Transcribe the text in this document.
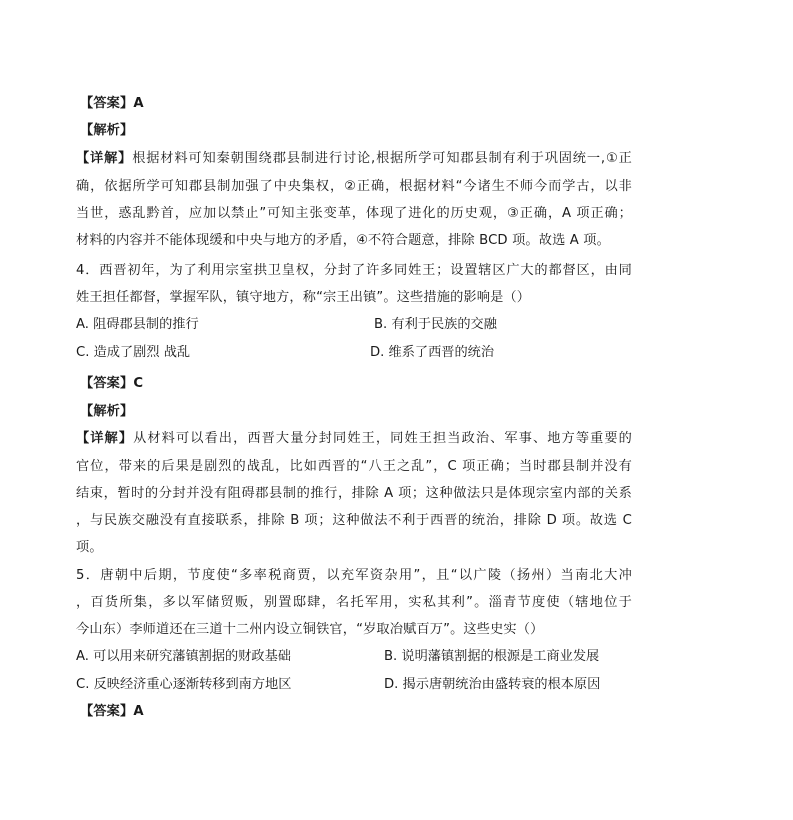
【答案】A
【解析】
【详解】根据材料可知秦朝围绕郡县制进行讨论,根据所学可知郡县制有利于巩固统一,①正
确，依据所学可知郡县制加强了中央集权，②正确，根据材料“今诸生不师今而学古，以非
当世，惑乱黔首，应加以禁止”可知主张变革，体现了进化的历史观，③正确，A 项正确；
材料的内容并不能体现缓和中央与地方的矛盾，④不符合题意，排除 BCD 项。故选 A 项。
4．西晋初年，为了利用宗室拱卫皇权，分封了许多同姓王；设置辖区广大的都督区，由同
姓王担任都督，掌握军队，镇守地方，称“宗王出镇”。这些措施的影响是（）
A. 阻碍郡县制的推行	B. 有利于民族的交融
C. 造成了剧烈 战乱	D. 维系了西晋的统治
【答案】C
【解析】
【详解】从材料可以看出，西晋大量分封同姓王，同姓王担当政治、军事、地方等重要的
官位，带来的后果是剧烈的战乱，比如西晋的“八王之乱”，C 项正确；当时郡县制并没有
结束，暂时的分封并没有阻碍郡县制的推行，排除 A 项；这种做法只是体现宗室内部的关系
，与民族交融没有直接联系，排除 B 项；这种做法不利于西晋的统治，排除 D 项。故选 C
项。
5．唐朝中后期，节度使“多率税商贾，以充军资杂用”，且“以广陵（扬州）当南北大冲
，百货所集，多以军储贸贩，别置邸肆，名托军用，实私其利”。淄青节度使（辖地位于
今山东）李师道还在三道十二州内设立铜铁官，“岁取冶赋百万”。这些史实（）
A. 可以用来研究藩镇割据的财政基础	B. 说明藩镇割据的根源是工商业发展
C. 反映经济重心逐渐转移到南方地区	D. 揭示唐朝统治由盛转衰的根本原因
【答案】A
